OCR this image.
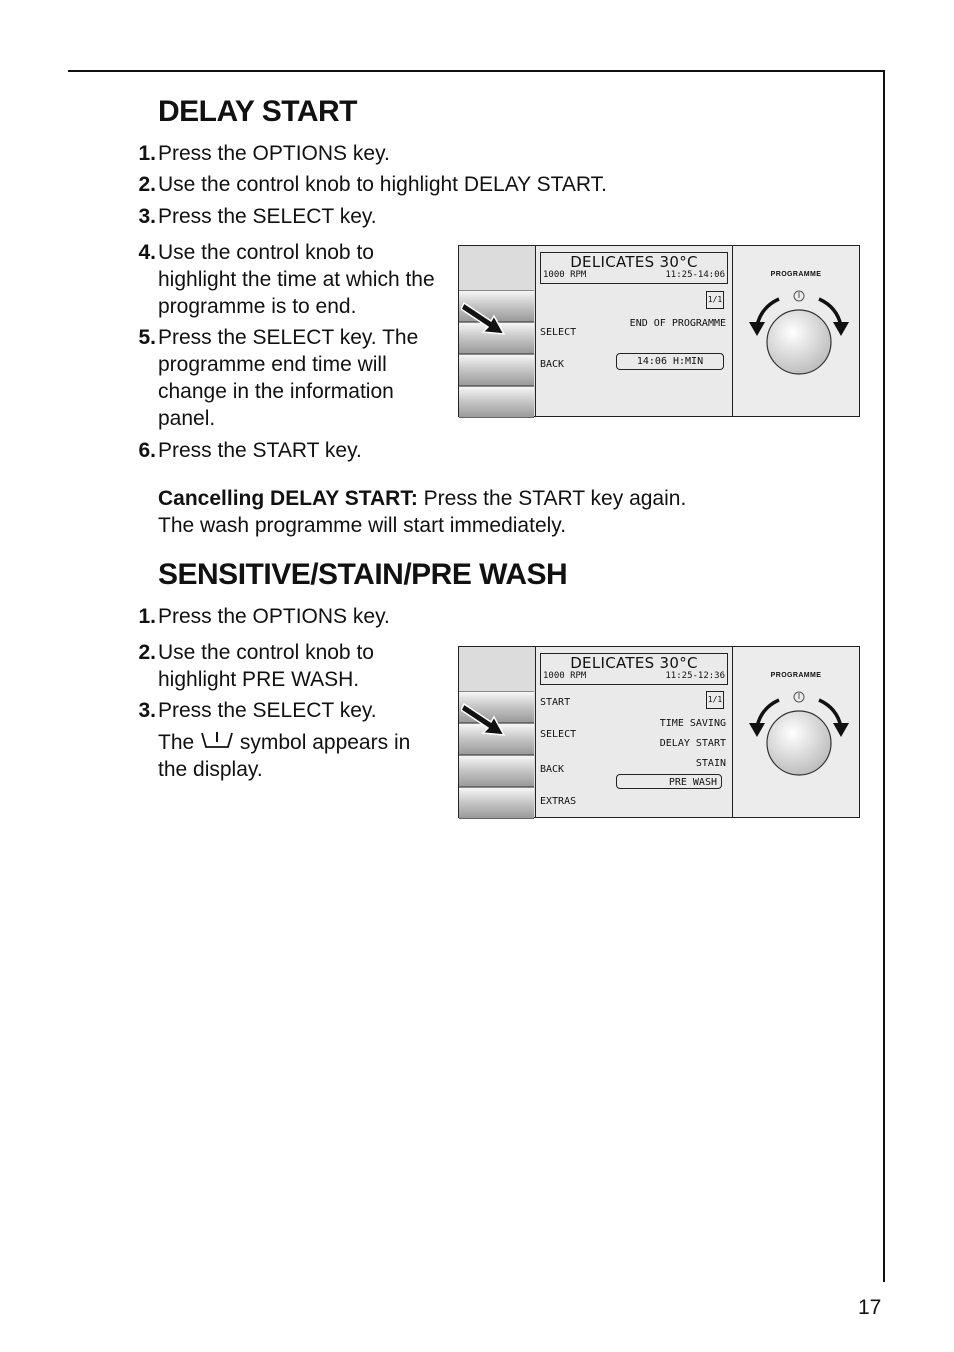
DELAY START
1. Press the OPTIONS key.
2. Use the control knob to highlight DELAY START.
3. Press the SELECT key.
4. Use the control knob to highlight the time at which the programme is to end.
5. Press the SELECT key. The programme end time will change in the information panel.
6. Press the START key.
Cancelling DELAY START: Press the START key again.
The wash programme will start immediately.
DELICATES 30°C
1000 RPM	11:25-14:06
1/1
END OF PROGRAMME
SELECT
14:06 H:MIN
BACK
PROGRAMME
SENSITIVE/STAIN/PRE WASH
1. Press the OPTIONS key.
2. Use the control knob to highlight PRE WASH.
3. Press the SELECT key.
The  symbol appears in
the display.
DELICATES 30°C
1000 RPM	11:25-12:36
1/1
START
TIME SAVING
SELECT
DELAY START
STAIN
BACK
PRE WASH
EXTRAS
PROGRAMME
17
